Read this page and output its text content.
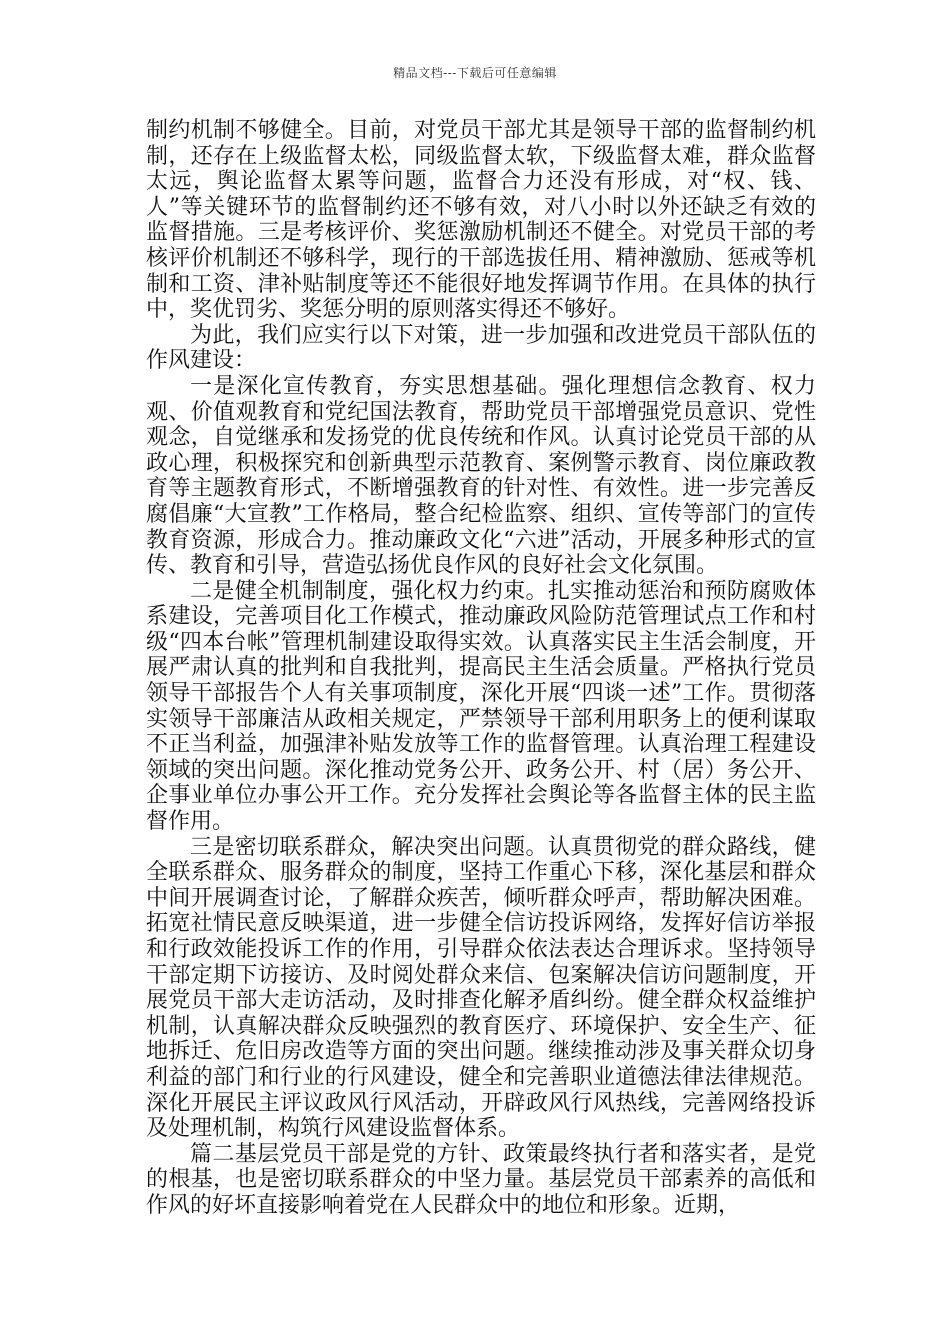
精品文档---下载后可任意编辑

制约机制不够健全。目前，对党员干部尤其是领导干部的监督制约机制，还存在上级监督太松，同级监督太软，下级监督太难，群众监督太远，舆论监督太累等问题，监督合力还没有形成，对“权、钱、人”等关键环节的监督制约还不够有效，对八小时以外还缺乏有效的监督措施。三是考核评价、奖惩激励机制还不健全。对党员干部的考核评价机制还不够科学，现行的干部选拔任用、精神激励、惩戒等机制和工资、津补贴制度等还不能很好地发挥调节作用。在具体的执行中，奖优罚劣、奖惩分明的原则落实得还不够好。

为此，我们应实行以下对策，进一步加强和改进党员干部队伍的作风建设：

一是深化宣传教育，夯实思想基础。强化理想信念教育、权力观、价值观教育和党纪国法教育，帮助党员干部增强党员意识、党性观念，自觉继承和发扬党的优良传统和作风。认真讨论党员干部的从政心理，积极探究和创新典型示范教育、案例警示教育、岗位廉政教育等主题教育形式，不断增强教育的针对性、有效性。进一步完善反腐倡廉“大宣教”工作格局，整合纪检监察、组织、宣传等部门的宣传教育资源，形成合力。推动廉政文化“六进”活动，开展多种形式的宣传、教育和引导，营造弘扬优良作风的良好社会文化氛围。

二是健全机制制度，强化权力约束。扎实推动惩治和预防腐败体系建设，完善项目化工作模式，推动廉政风险防范管理试点工作和村级“四本台帐”管理机制建设取得实效。认真落实民主生活会制度，开展严肃认真的批判和自我批判，提高民主生活会质量。严格执行党员领导干部报告个人有关事项制度，深化开展“四谈一述”工作。贯彻落实领导干部廉洁从政相关规定，严禁领导干部利用职务上的便利谋取不正当利益，加强津补贴发放等工作的监督管理。认真治理工程建设领域的突出问题。深化推动党务公开、政务公开、村（居）务公开、企事业单位办事公开工作。充分发挥社会舆论等各监督主体的民主监督作用。

三是密切联系群众，解决突出问题。认真贯彻党的群众路线，健全联系群众、服务群众的制度，坚持工作重心下移，深化基层和群众中间开展调查讨论，了解群众疾苦，倾听群众呼声，帮助解决困难。拓宽社情民意反映渠道，进一步健全信访投诉网络，发挥好信访举报和行政效能投诉工作的作用，引导群众依法表达合理诉求。坚持领导干部定期下访接访、及时阅处群众来信、包案解决信访问题制度，开展党员干部大走访活动，及时排查化解矛盾纠纷。健全群众权益维护机制，认真解决群众反映强烈的教育医疗、环境保护、安全生产、征地拆迁、危旧房改造等方面的突出问题。继续推动涉及事关群众切身利益的部门和行业的行风建设，健全和完善职业道德法律法律规范。深化开展民主评议政风行风活动，开辟政风行风热线，完善网络投诉及处理机制，构筑行风建设监督体系。

篇二基层党员干部是党的方针、政策最终执行者和落实者，是党的根基，也是密切联系群众的中坚力量。基层党员干部素养的高低和作风的好坏直接影响着党在人民群众中的地位和形象。近期，
